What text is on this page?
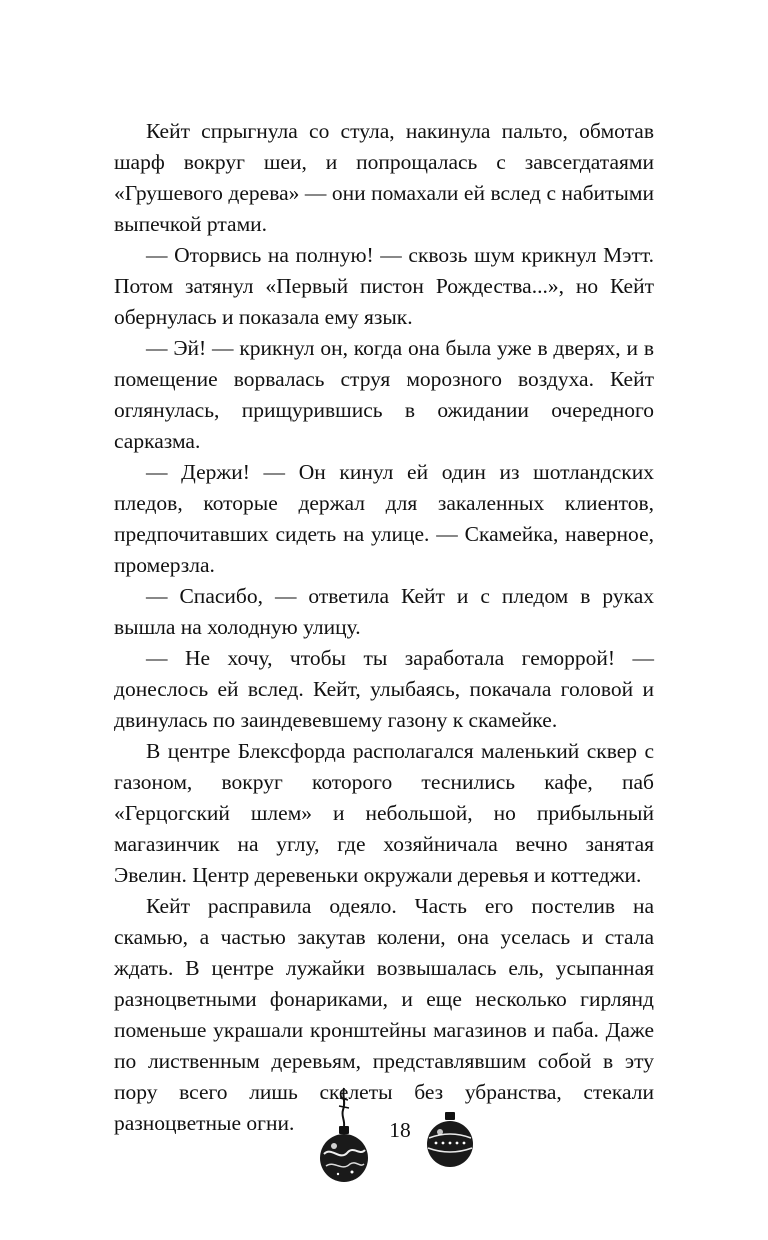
Кейт спрыгнула со стула, накинула пальто, обмотав шарф вокруг шеи, и попрощалась с завсегдатаями «Грушевого дерева» — они помахали ей вслед с набитыми выпечкой ртами.

— Оторвись на полную! — сквозь шум крикнул Мэтт. Потом затянул «Первый пистон Рождества...», но Кейт обернулась и показала ему язык.

— Эй! — крикнул он, когда она была уже в дверях, и в помещение ворвалась струя морозного воздуха. Кейт оглянулась, прищурившись в ожидании очередного сарказма.

— Держи! — Он кинул ей один из шотландских пледов, которые держал для закаленных клиентов, предпочитавших сидеть на улице. — Скамейка, наверное, промерзла.

— Спасибо, — ответила Кейт и с пледом в руках вышла на холодную улицу.

— Не хочу, чтобы ты заработала геморрой! — донеслось ей вслед. Кейт, улыбаясь, покачала головой и двинулась по заиндевевшему газону к скамейке.

В центре Блексфорда располагался маленький сквер с газоном, вокруг которого теснились кафе, паб «Герцогский шлем» и небольшой, но прибыльный магазинчик на углу, где хозяйничала вечно занятая Эвелин. Центр деревеньки окружали деревья и коттеджи.

Кейт расправила одеяло. Часть его постелив на скамью, а частью закутав колени, она уселась и стала ждать. В центре лужайки возвышалась ель, усыпанная разноцветными фонариками, и еще несколько гирлянд поменьше украшали кронштейны магазинов и паба. Даже по лиственным деревьям, представлявшим собой в эту пору всего лишь скелеты без убранства, стекали разноцветные огни.	18
